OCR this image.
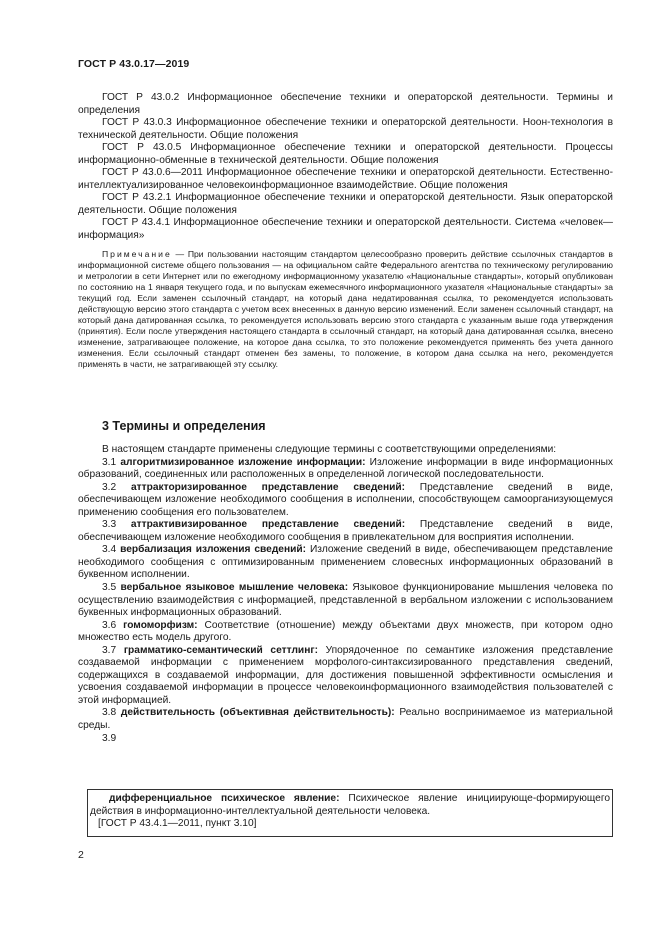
ГОСТ Р 43.0.17—2019

ГОСТ Р 43.0.2 Информационное обеспечение техники и операторской деятельности. Термины и определения

ГОСТ Р 43.0.3 Информационное обеспечение техники и операторской деятельности. Ноон-технология в технической деятельности. Общие положения

ГОСТ Р 43.0.5 Информационное обеспечение техники и операторской деятельности. Процессы информационно-обменные в технической деятельности. Общие положения

ГОСТ Р 43.0.6—2011 Информационное обеспечение техники и операторской деятельности. Естественно-интеллектуализированное человекоинформационное взаимодействие. Общие положения

ГОСТ Р 43.2.1 Информационное обеспечение техники и операторской деятельности. Язык операторской деятельности. Общие положения

ГОСТ Р 43.4.1 Информационное обеспечение техники и операторской деятельности. Система «человек—информация»

Примечание — При пользовании настоящим стандартом целесообразно проверить действие ссылочных стандартов в информационной системе общего пользования — на официальном сайте Федерального агентства по техническому регулированию и метрологии в сети Интернет или по ежегодному информационному указателю «Национальные стандарты», который опубликован по состоянию на 1 января текущего года, и по выпускам ежемесячного информационного указателя «Национальные стандарты» за текущий год. Если заменен ссылочный стандарт, на который дана недатированная ссылка, то рекомендуется использовать действующую версию этого стандарта с учетом всех внесенных в данную версию изменений. Если заменен ссылочный стандарт, на который дана датированная ссылка, то рекомендуется использовать версию этого стандарта с указанным выше года утверждения (принятия). Если после утверждения настоящего стандарта в ссылочный стандарт, на который дана датированная ссылка, внесено изменение, затрагивающее положение, на которое дана ссылка, то это положение рекомендуется применять без учета данного изменения. Если ссылочный стандарт отменен без замены, то положение, в котором дана ссылка на него, рекомендуется применять в части, не затрагивающей эту ссылку.

3 Термины и определения

В настоящем стандарте применены следующие термины с соответствующими определениями:

3.1 алгоритмизированное изложение информации: Изложение информации в виде информационных образований, соединенных или расположенных в определенной логической последовательности.

3.2 аттракторизированное представление сведений: Представление сведений в виде, обеспечивающем изложение необходимого сообщения в исполнении, способствующем самоорганизующемуся применению сообщения его пользователем.

3.3 аттрактивизированное представление сведений: Представление сведений в виде, обеспечивающем изложение необходимого сообщения в привлекательном для восприятия исполнении.

3.4 вербализация изложения сведений: Изложение сведений в виде, обеспечивающем представление необходимого сообщения с оптимизированным применением словесных информационных образований в буквенном исполнении.

3.5 вербальное языковое мышление человека: Языковое функционирование мышления человека по осуществлению взаимодействия с информацией, представленной в вербальном изложении с использованием буквенных информационных образований.

3.6 гомоморфизм: Соответствие (отношение) между объектами двух множеств, при котором одно множество есть модель другого.

3.7 грамматико-семантический сеттлинг: Упорядоченное по семантике изложения представление создаваемой информации с применением морфолого-синтаксизированного представления сведений, содержащихся в создаваемой информации, для достижения повышенной эффективности осмысления и усвоения создаваемой информации в процессе человекоинформационного взаимодействия пользователей с этой информацией.

3.8 действительность (объективная действительность): Реально воспринимаемое из материальной среды.

3.9

дифференциальное психическое явление: Психическое явление инициирующе-формирующего действия в информационно-интеллектуальной деятельности человека.

[ГОСТ Р 43.4.1—2011, пункт 3.10]

2
